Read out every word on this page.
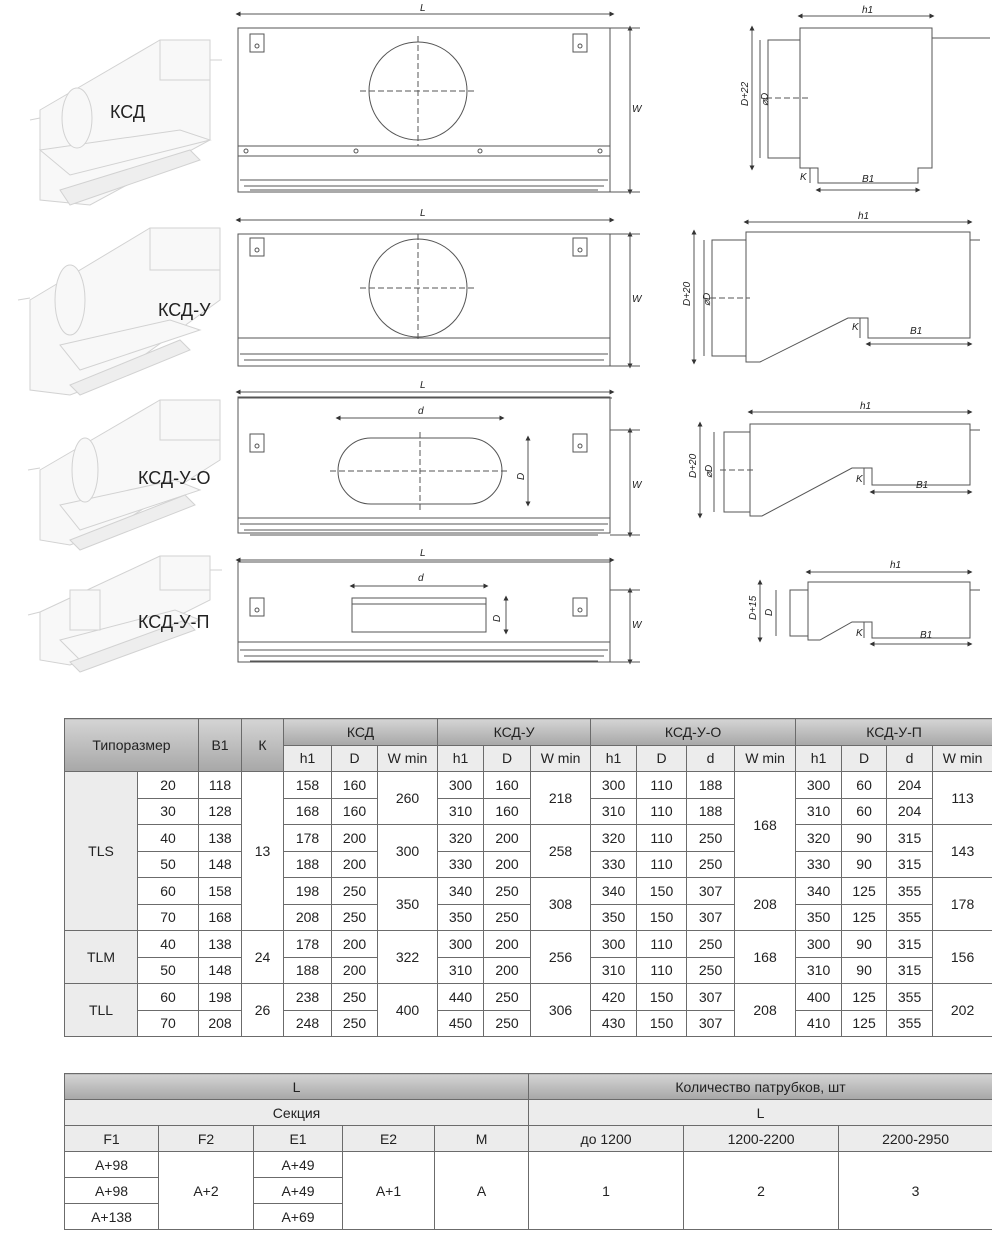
КСД
L
W
h1
D+22 ⌀D
K	B1
КСД-У
L
W
h1
D+20 ⌀D
K	B1
КСД-У-О
L
d
D
W
h1
D+20 ⌀D
K
B1
КСД-У-П
L
d
D
W
h1
D+15 D
K	B1
Типоразмер		В1	К	КСД			КСД-У			КСД-У-О				КСД-У-П			
				h1	D	W min	h1	D	W min	h1	D	d	W min	h1	D	d	W min
TLS	20	118	13	158	160	260	300	160	218	300	110	188	168	300	60	204	113
	30	128		168	160		310	160		310	110	188		310	60	204	
	40	138		178	200	300	320	200	258	320	110	250		320	90	315	143
	50	148		188	200		330	200		330	110	250		330	90	315	
	60	158		198	250	350	340	250	308	340	150	307	208	340	125	355	178
	70	168		208	250		350	250		350	150	307		350	125	355	
TLM	40	138	24	178	200	322	300	200	256	300	110	250	168	300	90	315	156
	50	148		188	200		310	200		310	110	250		310	90	315	
TLL	60	198	26	238	250	400	440	250	306	420	150	307	208	400	125	355	202
	70	208		248	250		450	250		430	150	307		410	125	355	
L					Количество патрубков, шт		
Секция					L		
F1	F2	E1	E2	M	до 1200	1200-2200	2200-2950
A+98	A+2	A+49	A+1	A	1	2	3
A+98		A+49					
A+138		A+69					
